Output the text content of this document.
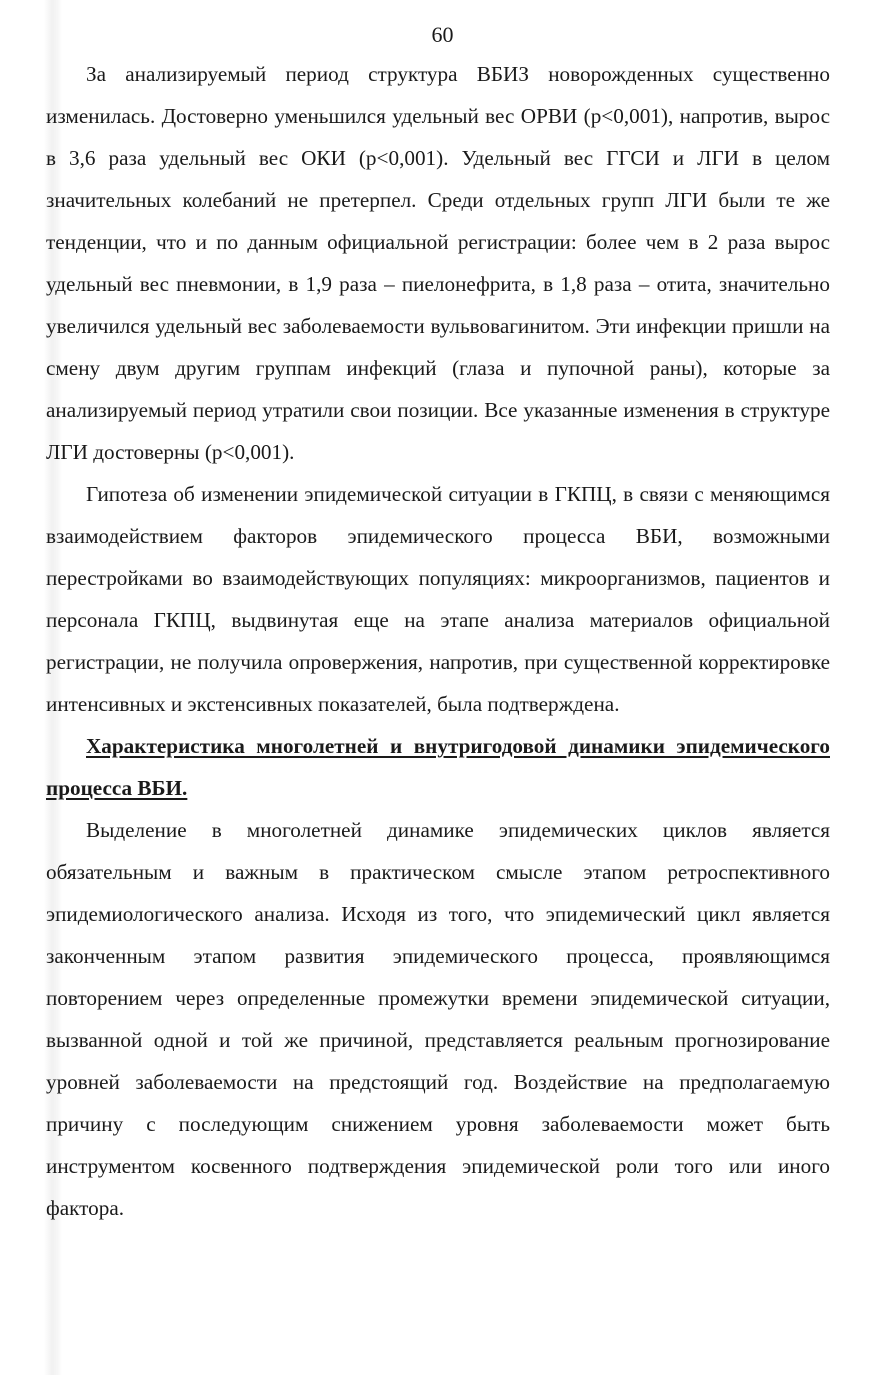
60

За анализируемый период структура ВБИЗ новорожденных существенно изменилась. Достоверно уменьшился удельный вес ОРВИ (р<0,001), напротив, вырос в 3,6 раза удельный вес ОКИ (р<0,001). Удельный вес ГГСИ и ЛГИ в целом значительных колебаний не претерпел. Среди отдельных групп ЛГИ были те же тенденции, что и по данным официальной регистрации: более чем в 2 раза вырос удельный вес пневмонии, в 1,9 раза – пиелонефрита, в 1,8 раза – отита, значительно увеличился удельный вес заболеваемости вульвовагинитом. Эти инфекции пришли на смену двум другим группам инфекций (глаза и пупочной раны), которые за анализируемый период утратили свои позиции. Все указанные изменения в структуре ЛГИ достоверны (р<0,001).

Гипотеза об изменении эпидемической ситуации в ГКПЦ, в связи с меняющимся взаимодействием факторов эпидемического процесса ВБИ, возможными перестройками во взаимодействующих популяциях: микроорганизмов, пациентов и персонала ГКПЦ, выдвинутая еще на этапе анализа материалов официальной регистрации, не получила опровержения, напротив, при существенной корректировке интенсивных и экстенсивных показателей, была подтверждена.

Характеристика многолетней и внутригодовой динамики эпидемического процесса ВБИ.

Выделение в многолетней динамике эпидемических циклов является обязательным и важным в практическом смысле этапом ретроспективного эпидемиологического анализа. Исходя из того, что эпидемический цикл является законченным этапом развития эпидемического процесса, проявляющимся повторением через определенные промежутки времени эпидемической ситуации, вызванной одной и той же причиной, представляется реальным прогнозирование уровней заболеваемости на предстоящий год. Воздействие на предполагаемую причину с последующим снижением уровня заболеваемости может быть инструментом косвенного подтверждения эпидемической роли того или иного фактора.
